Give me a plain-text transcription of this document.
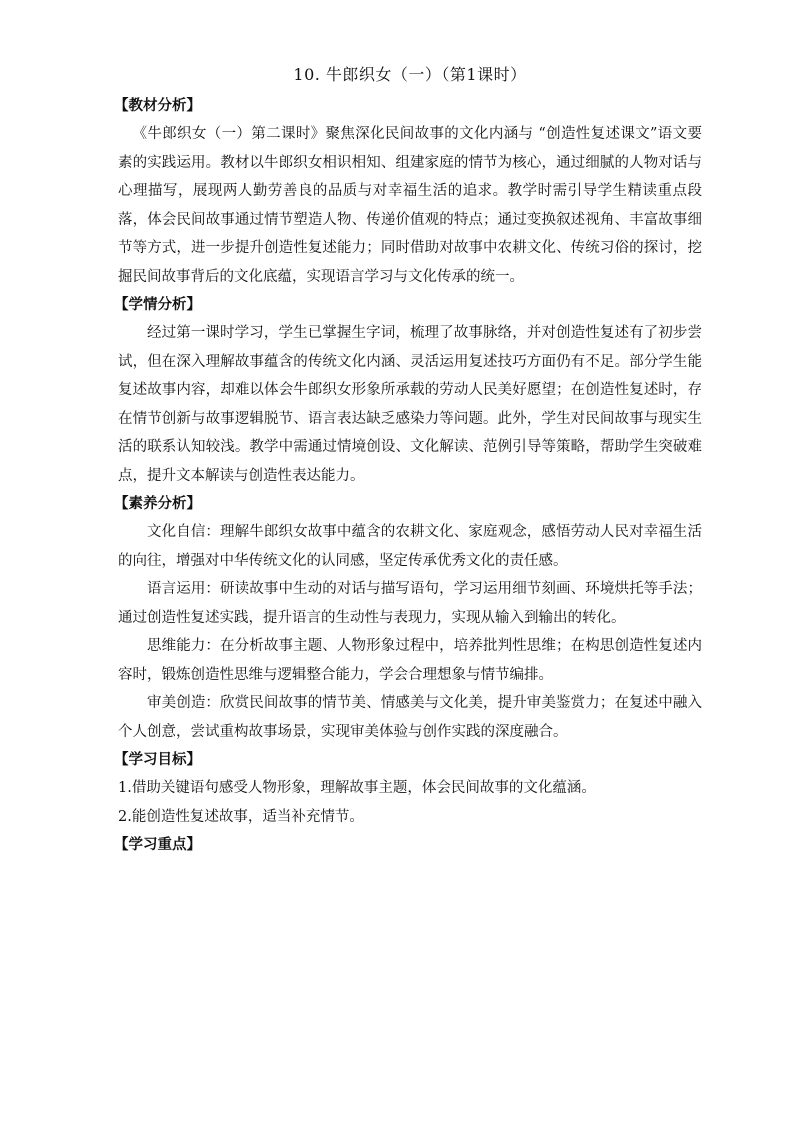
10. 牛郎织女（一）（第1课时）

【教材分析】

《牛郎织女（一）第二课时》聚焦深化民间故事的文化内涵与 “创造性复述课文”语文要素的实践运用。教材以牛郎织女相识相知、组建家庭的情节为核心，通过细腻的人物对话与心理描写，展现两人勤劳善良的品质与对幸福生活的追求。教学时需引导学生精读重点段落，体会民间故事通过情节塑造人物、传递价值观的特点；通过变换叙述视角、丰富故事细节等方式，进一步提升创造性复述能力；同时借助对故事中农耕文化、传统习俗的探讨，挖掘民间故事背后的文化底蕴，实现语言学习与文化传承的统一。

【学情分析】

经过第一课时学习，学生已掌握生字词，梳理了故事脉络，并对创造性复述有了初步尝试，但在深入理解故事蕴含的传统文化内涵、灵活运用复述技巧方面仍有不足。部分学生能复述故事内容，却难以体会牛郎织女形象所承载的劳动人民美好愿望；在创造性复述时，存在情节创新与故事逻辑脱节、语言表达缺乏感染力等问题。此外，学生对民间故事与现实生活的联系认知较浅。教学中需通过情境创设、文化解读、范例引导等策略，帮助学生突破难点，提升文本解读与创造性表达能力。

【素养分析】

文化自信：理解牛郎织女故事中蕴含的农耕文化、家庭观念，感悟劳动人民对幸福生活的向往，增强对中华传统文化的认同感，坚定传承优秀文化的责任感。

语言运用：研读故事中生动的对话与描写语句，学习运用细节刻画、环境烘托等手法；通过创造性复述实践，提升语言的生动性与表现力，实现从输入到输出的转化。

思维能力：在分析故事主题、人物形象过程中，培养批判性思维；在构思创造性复述内容时，锻炼创造性思维与逻辑整合能力，学会合理想象与情节编排。

审美创造：欣赏民间故事的情节美、情感美与文化美，提升审美鉴赏力；在复述中融入个人创意，尝试重构故事场景，实现审美体验与创作实践的深度融合。

【学习目标】

1.借助关键语句感受人物形象，理解故事主题，体会民间故事的文化蕴涵。

2.能创造性复述故事，适当补充情节。

【学习重点】
